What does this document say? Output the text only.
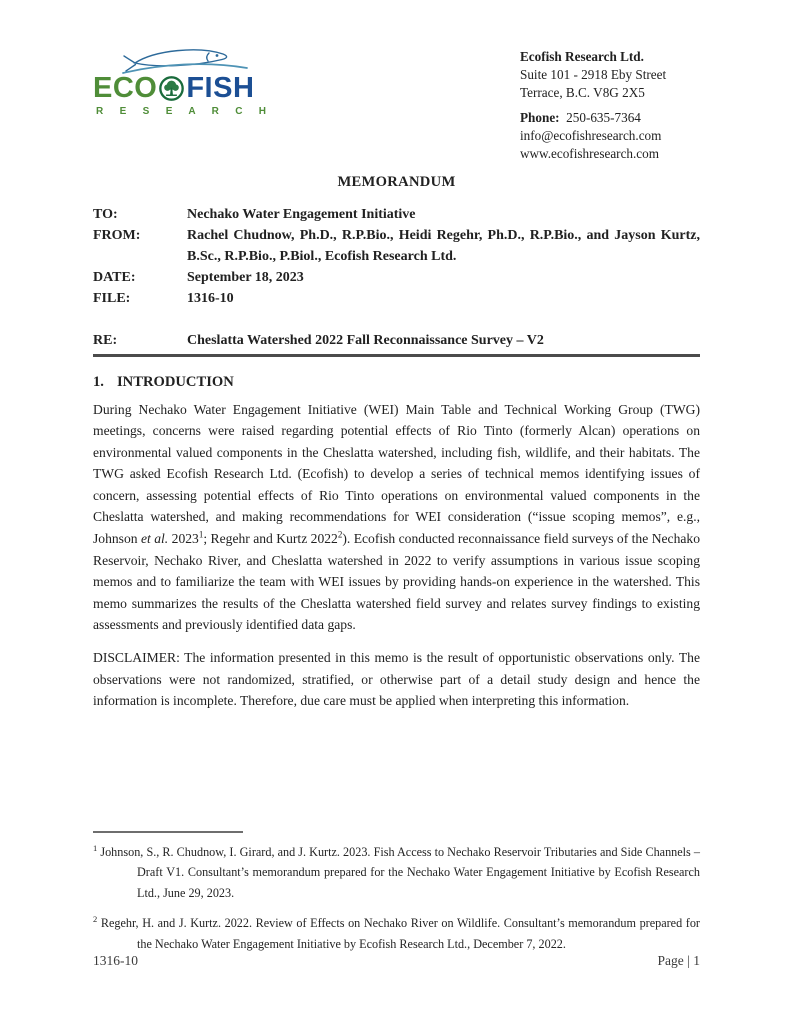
ECO FISH
R E S E A R C H
Ecofish Research Ltd.
Suite 101 - 2918 Eby Street
Terrace, B.C. V8G 2X5
Phone: 250-635-7364
info@ecofishresearch.com
www.ecofishresearch.com
MEMORANDUM
TO:	Nechako Water Engagement Initiative
FROM:	Rachel Chudnow, Ph.D., R.P.Bio., Heidi Regehr, Ph.D., R.P.Bio., and Jayson Kurtz, B.Sc., R.P.Bio., P.Biol., Ecofish Research Ltd.
DATE:	September 18, 2023
FILE:	1316-10
RE:	Cheslatta Watershed 2022 Fall Reconnaissance Survey – V2
1. INTRODUCTION

During Nechako Water Engagement Initiative (WEI) Main Table and Technical Working Group (TWG) meetings, concerns were raised regarding potential effects of Rio Tinto (formerly Alcan) operations on environmental valued components in the Cheslatta watershed, including fish, wildlife, and their habitats. The TWG asked Ecofish Research Ltd. (Ecofish) to develop a series of technical memos identifying issues of concern, assessing potential effects of Rio Tinto operations on environmental valued components in the Cheslatta watershed, and making recommendations for WEI consideration (“issue scoping memos”, e.g., Johnson et al. 2023$^1$; Regehr and Kurtz 2022$^2$). Ecofish conducted reconnaissance field surveys of the Nechako Reservoir, Nechako River, and Cheslatta watershed in 2022 to verify assumptions in various issue scoping memos and to familiarize the team with WEI issues by providing hands-on experience in the watershed. This memo summarizes the results of the Cheslatta watershed field survey and relates survey findings to existing assessments and previously identified data gaps.

DISCLAIMER: The information presented in this memo is the result of opportunistic observations only. The observations were not randomized, stratified, or otherwise part of a detail study design and hence the information is incomplete. Therefore, due care must be applied when interpreting this information.

$^1$ Johnson, S., R. Chudnow, I. Girard, and J. Kurtz. 2023. Fish Access to Nechako Reservoir Tributaries and Side Channels – Draft V1. Consultant’s memorandum prepared for the Nechako Water Engagement Initiative by Ecofish Research Ltd., June 29, 2023.
$^2$ Regehr, H. and J. Kurtz. 2022. Review of Effects on Nechako River on Wildlife. Consultant’s memorandum prepared for the Nechako Water Engagement Initiative by Ecofish Research Ltd., December 7, 2022.
1316-10	Page | 1
